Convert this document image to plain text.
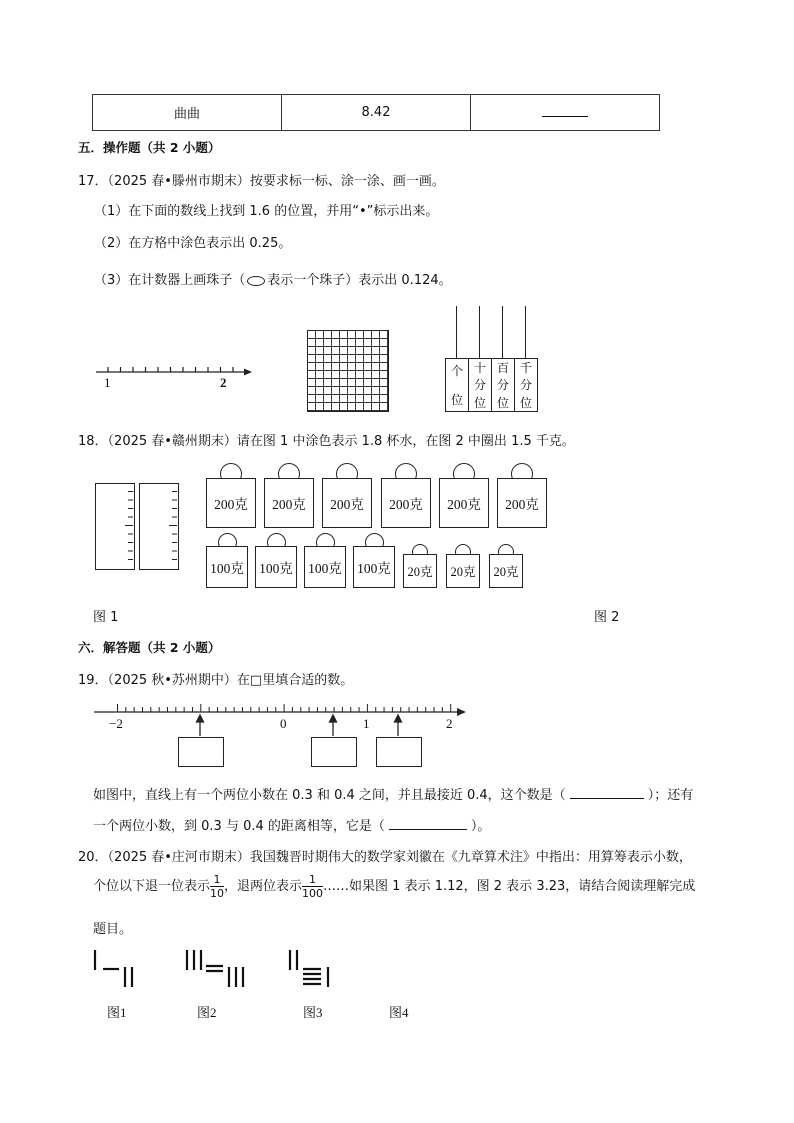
曲曲	8.42	
五．操作题（共 2 小题）
17．（2025 春•滕州市期末）按要求标一标、涂一涂、画一画。
（1）在下面的数线上找到 1.6 的位置，并用“•”标示出来。
（2）在方格中涂色表示出 0.25。
（3）在计数器上画珠子（ 表示一个珠子）表示出 0.124。
1	2
个
位
十
分
位
百
分
位
千
分
位
18．（2025 春•赣州期末）请在图 1 中涂色表示 1.8 杯水，在图 2 中圈出 1.5 千克。
图 1	图 2
六．解答题（共 2 小题）
19．（2025 秋•苏州期中）在□里填合适的数。
−2	0	1	2
如图中，直线上有一个两位小数在 0.3 和 0.4 之间，并且最接近 0.4，这个数是（	）；还有
一个两位小数，到 0.3 与 0.4 的距离相等，它是（	）。
20．（2025 春•庄河市期末）我国魏晋时期伟大的数学家刘徽在《九章算术注》中指出：用算筹表示小数，
个位以下退一位表示 $\frac{1}{10}$ ，退两位表示 $\frac{1}{100}$ ……如果图 1 表示 1.12，图 2 表示 3.23，请结合阅读理解完成
题目。
图1	图2	图3	图4
200克	200克	200克	200克	200克	200克
100克	100克	100克	100克	20克	20克	20克
